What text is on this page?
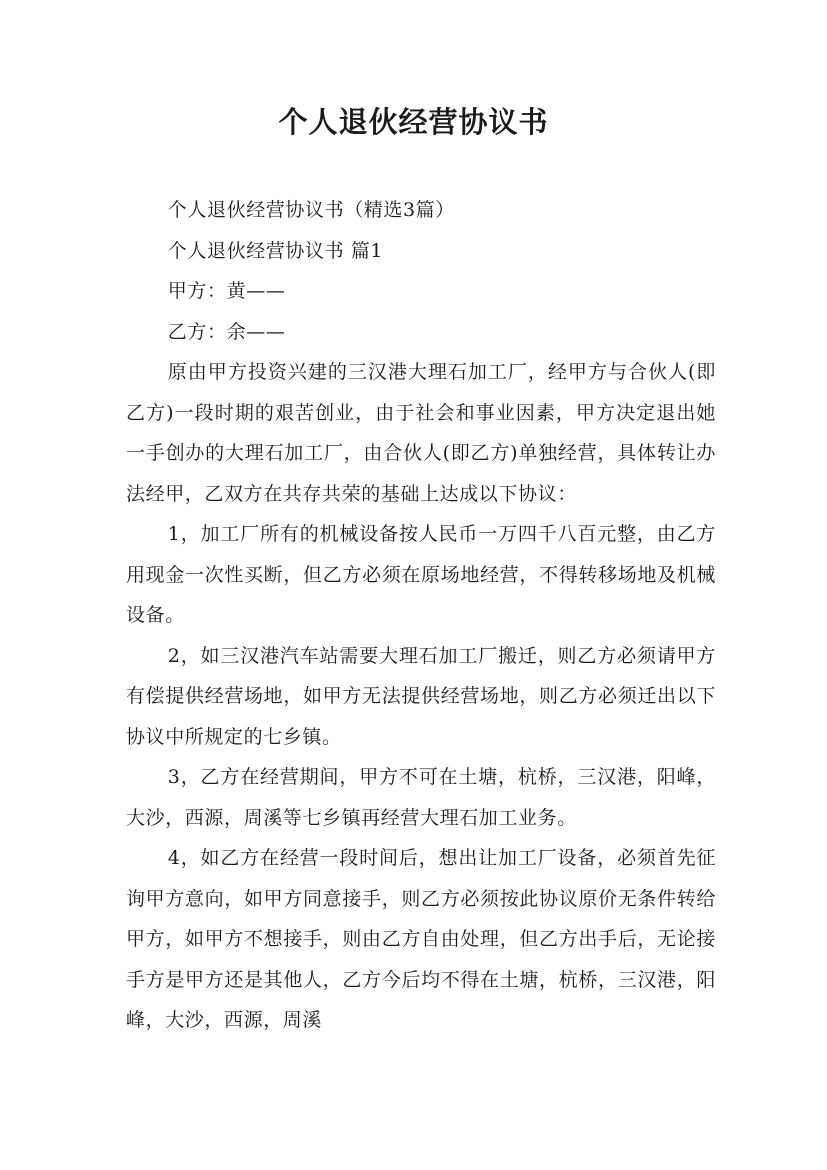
个人退伙经营协议书

个人退伙经营协议书（精选3篇）

个人退伙经营协议书 篇1

甲方：黄——

乙方：余——

原由甲方投资兴建的三汉港大理石加工厂，经甲方与合伙人(即乙方)一段时期的艰苦创业，由于社会和事业因素，甲方决定退出她一手创办的大理石加工厂，由合伙人(即乙方)单独经营，具体转让办法经甲，乙双方在共存共荣的基础上达成以下协议：

1，加工厂所有的机械设备按人民币一万四千八百元整，由乙方用现金一次性买断，但乙方必须在原场地经营，不得转移场地及机械设备。

2，如三汉港汽车站需要大理石加工厂搬迁，则乙方必须请甲方有偿提供经营场地，如甲方无法提供经营场地，则乙方必须迁出以下协议中所规定的七乡镇。

3，乙方在经营期间，甲方不可在土塘，杭桥，三汉港，阳峰，大沙，西源，周溪等七乡镇再经营大理石加工业务。

4，如乙方在经营一段时间后，想出让加工厂设备，必须首先征询甲方意向，如甲方同意接手，则乙方必须按此协议原价无条件转给甲方，如甲方不想接手，则由乙方自由处理，但乙方出手后，无论接手方是甲方还是其他人，乙方今后均不得在土塘，杭桥，三汉港，阳峰，大沙，西源，周溪
